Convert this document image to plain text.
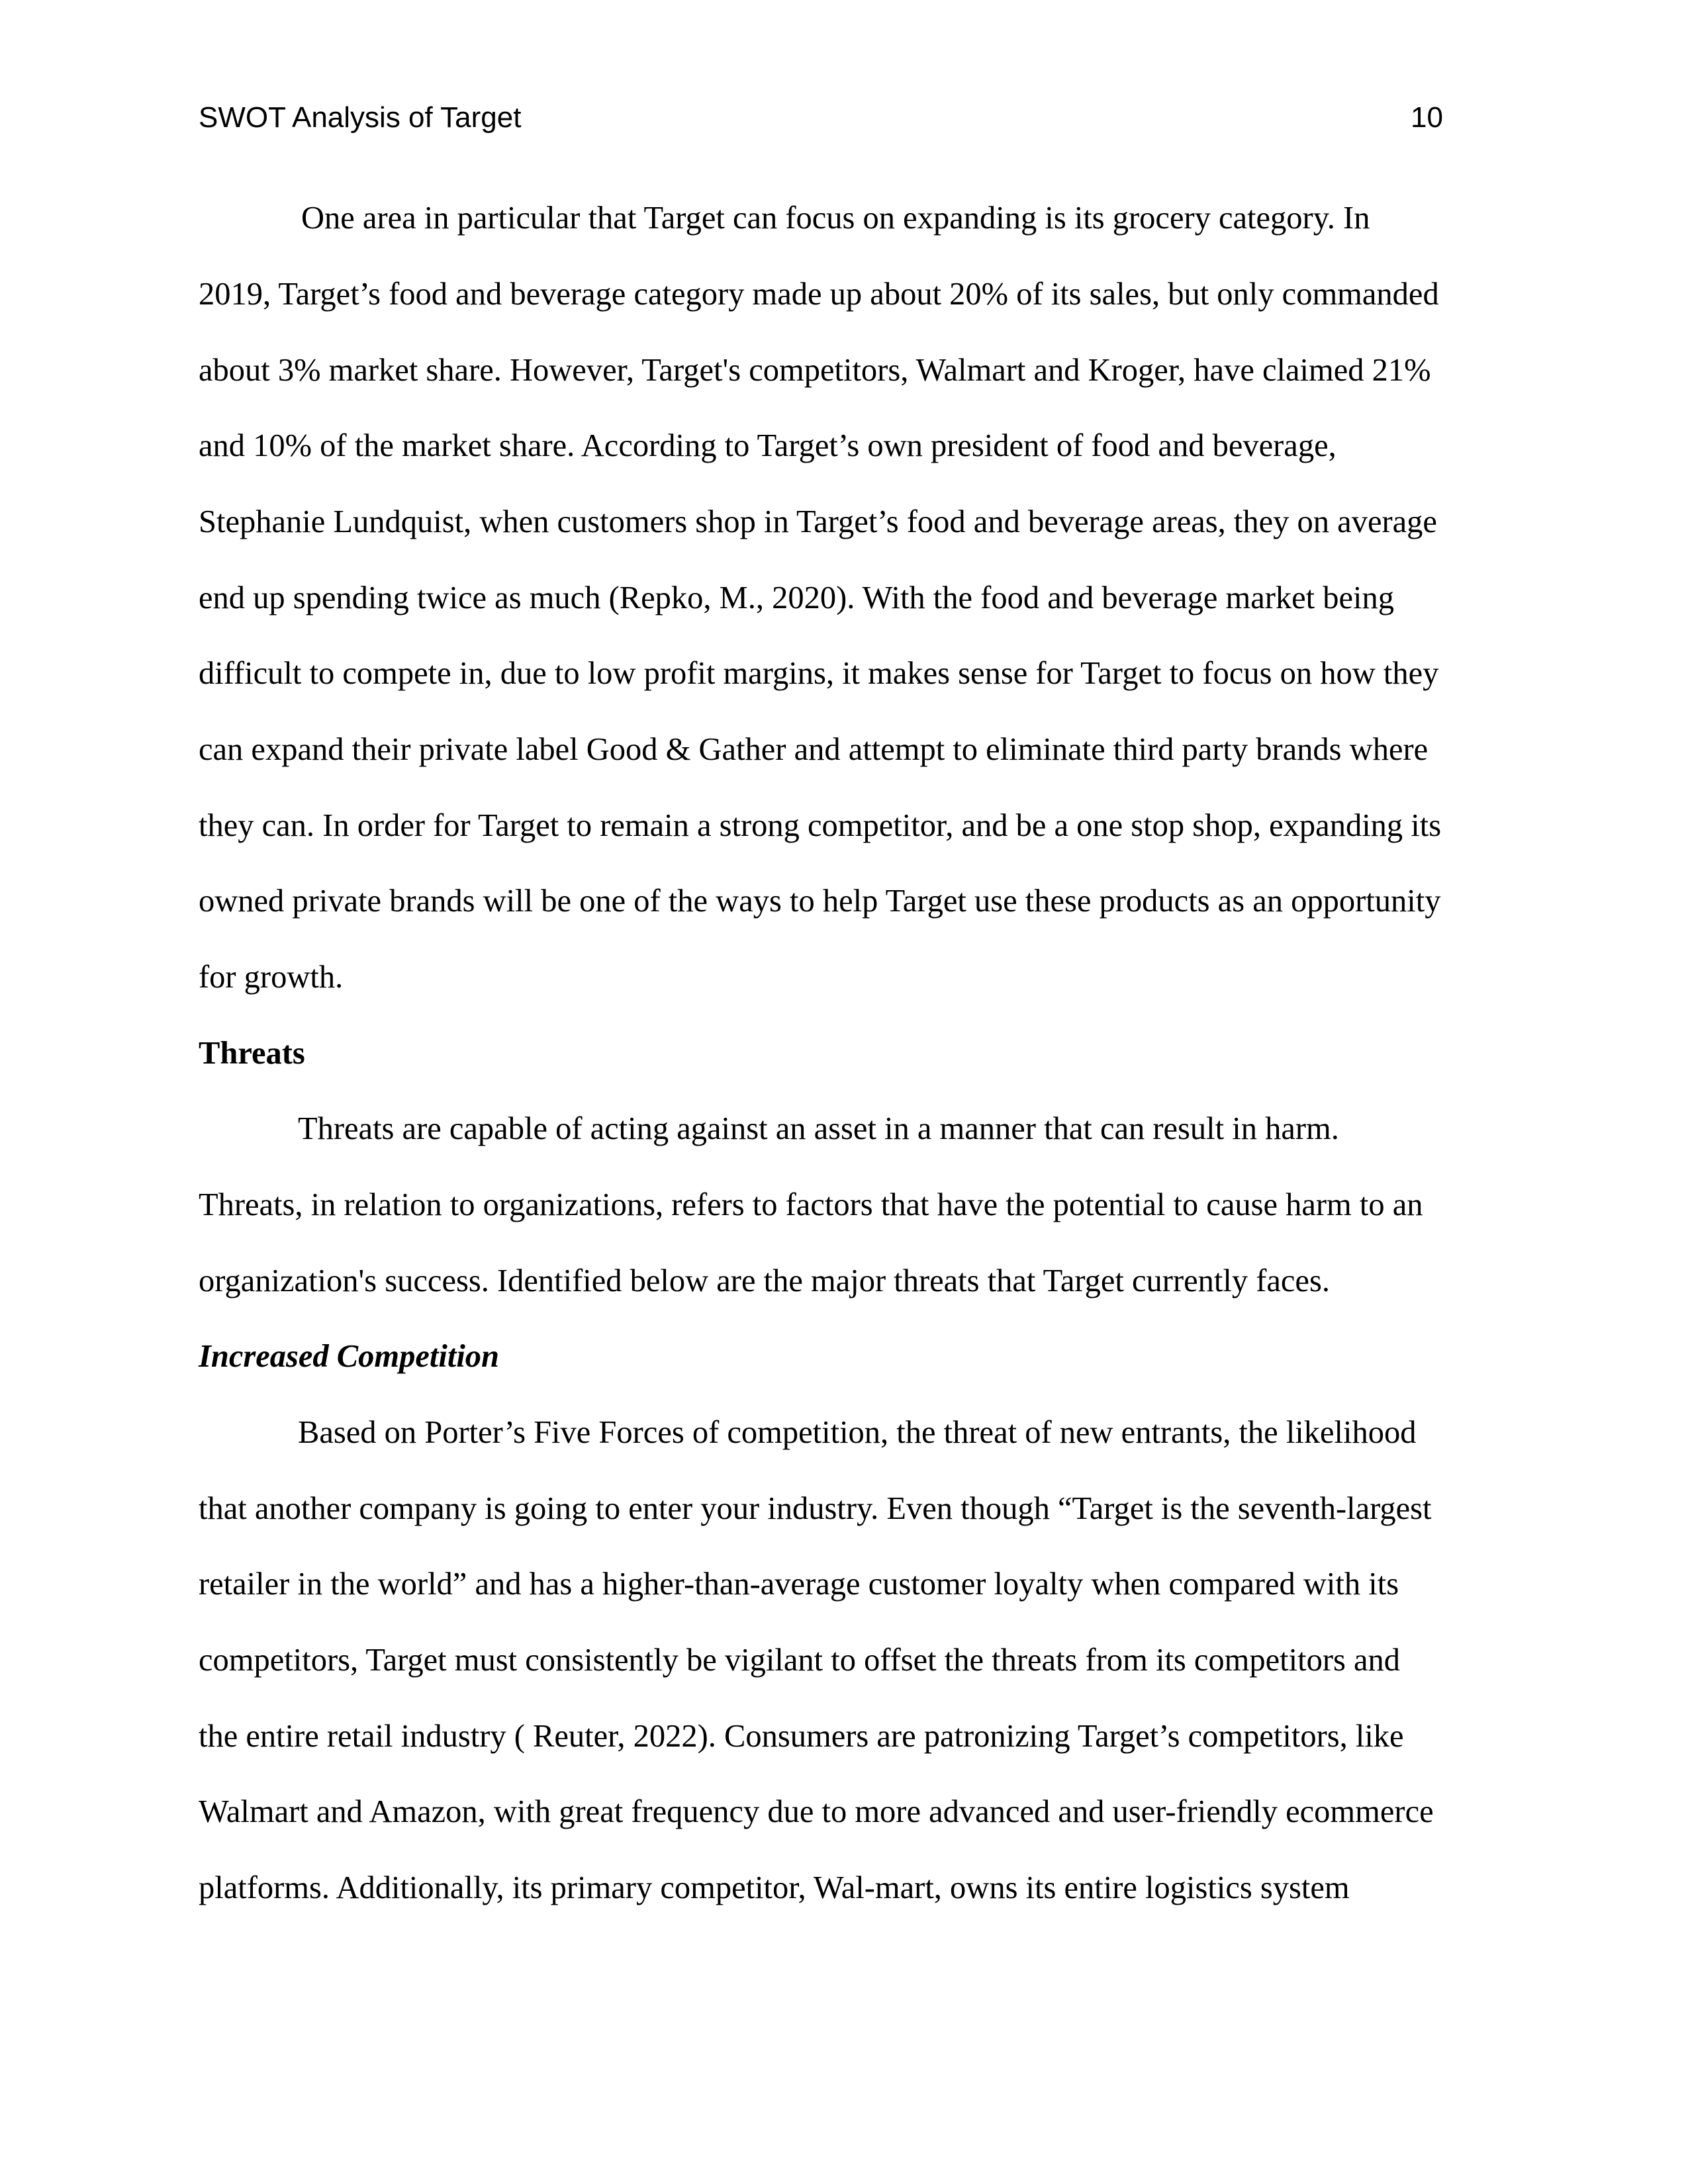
SWOT Analysis of Target	10
One area in particular that Target can focus on expanding is its grocery category. In
2019, Target’s food and beverage category made up about 20% of its sales, but only commanded
about 3% market share. However, Target's competitors, Walmart and Kroger, have claimed 21%
and 10% of the market share. According to Target’s own president of food and beverage,
Stephanie Lundquist, when customers shop in Target’s food and beverage areas, they on average
end up spending twice as much (Repko, M., 2020). With the food and beverage market being
difficult to compete in, due to low profit margins, it makes sense for Target to focus on how they
can expand their private label Good & Gather and attempt to eliminate third party brands where
they can. In order for Target to remain a strong competitor, and be a one stop shop, expanding its
owned private brands will be one of the ways to help Target use these products as an opportunity
for growth.
Threats
Threats are capable of acting against an asset in a manner that can result in harm.
Threats, in relation to organizations, refers to factors that have the potential to cause harm to an
organization's success. Identified below are the major threats that Target currently faces.
Increased Competition
Based on Porter’s Five Forces of competition, the threat of new entrants, the likelihood
that another company is going to enter your industry. Even though “Target is the seventh-largest
retailer in the world” and has a higher-than-average customer loyalty when compared with its
competitors, Target must consistently be vigilant to offset the threats from its competitors and
the entire retail industry ( Reuter, 2022). Consumers are patronizing Target’s competitors, like
Walmart and Amazon, with great frequency due to more advanced and user-friendly ecommerce
platforms. Additionally, its primary competitor, Wal-mart, owns its entire logistics system
